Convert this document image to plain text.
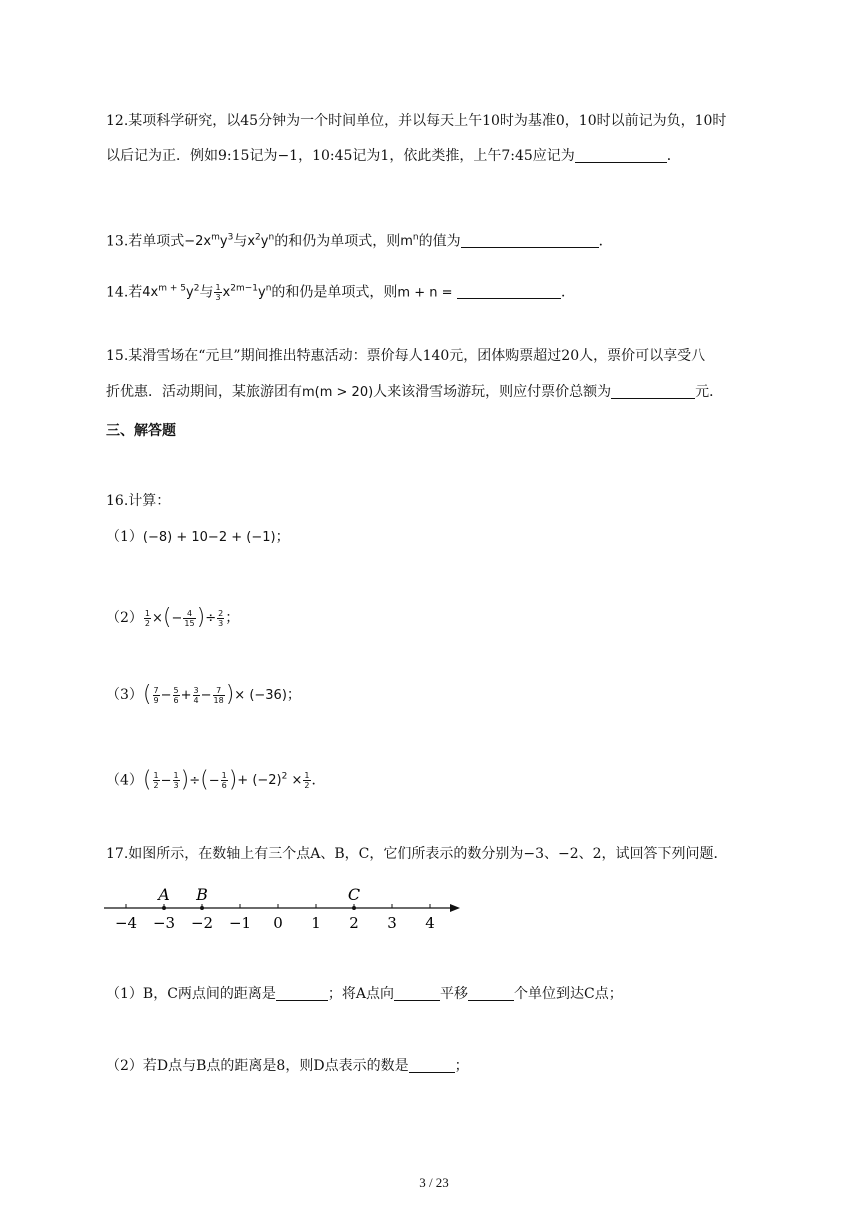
12.某项科学研究，以45分钟为一个时间单位，并以每天上午10时为基准0，10时以前记为负，10时
以后记为正．例如9:15记为−1，10:45记为1，依此类推，上午7:45应记为	．
13.若单项式$-2x^my^3$与$x^2y^n$的和仍为单项式，则$m^n$的值为	．
14.若$4x^{m + 5}y^2$与 $\frac{1}{3} x^{2m-1}y^n$的和仍是单项式，则m + n =	．
15.某滑雪场在“元旦”期间推出特惠活动：票价每人140元，团体购票超过20人，票价可以享受八
折优惠．活动期间，某旅游团有m(m > 20)人来该滑雪场游玩，则应付票价总额为	元．
三、解答题
16.计算：
（1）(−8) + 10−2 + (−1)；
$(2) \frac{1}{2}$ ×(− $\frac{4}{15}$ )÷ $\frac{2}{3}$ ；
$(3)( \frac{7}{9} - \frac{5}{6} + \frac{3}{4} - \frac{7}{18}$ )× (−36)；
$(4)( \frac{1}{2} - \frac{1}{3}$ )÷(− $\frac{1}{6}$ )+ $(-2)^2 \times \frac{1}{2}$ ．
17.如图所示，在数轴上有三个点A、B，C，它们所表示的数分别为−3、−2、2，试回答下列问题．
−4 −3 −2 −1 0 1 2 3 4
A B	C
（1）B，C两点间的距离是	；将A点向	平移	个单位到达C点；
（2）若D点与B点的距离是8，则D点表示的数是	；
3 / 23
